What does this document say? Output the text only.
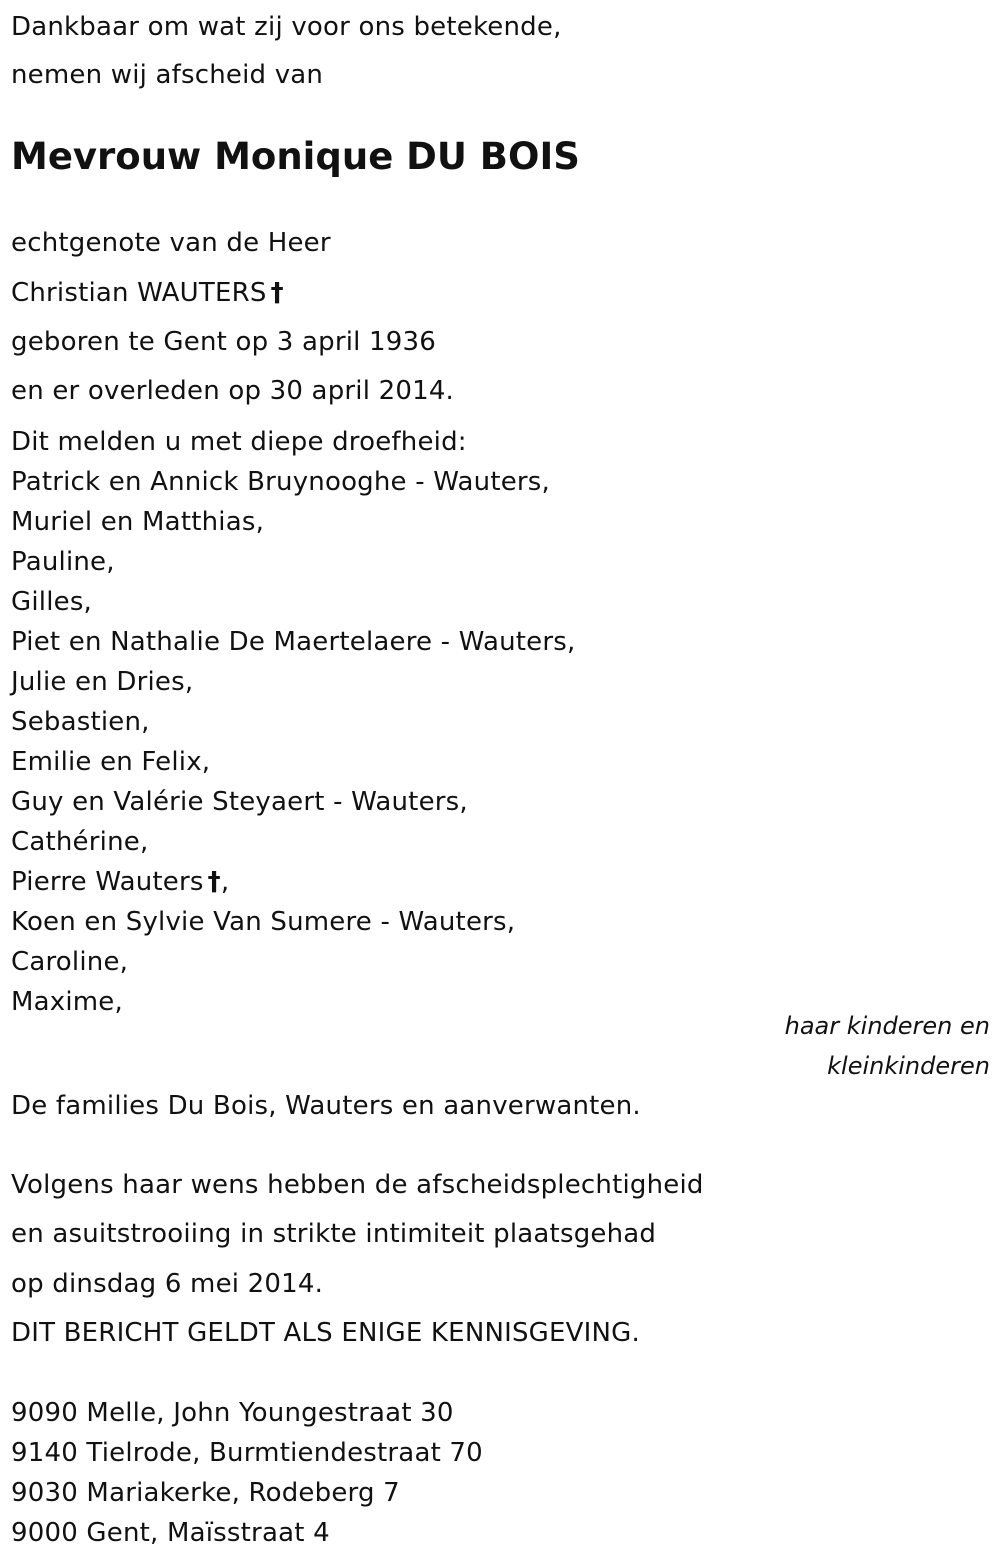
Dankbaar om wat zij voor ons betekende,
nemen wij afscheid van
Mevrouw Monique DU BOIS
echtgenote van de Heer
Christian WAUTERS †
geboren te Gent op 3 april 1936
en er overleden op 30 april 2014.
Dit melden u met diepe droefheid:
Patrick en Annick Bruynooghe - Wauters,
Muriel en Matthias,
Pauline,
Gilles,
Piet en Nathalie De Maertelaere - Wauters,
Julie en Dries,
Sebastien,
Emilie en Felix,
Guy en Valérie Steyaert - Wauters,
Cathérine,
Pierre Wauters †,
Koen en Sylvie Van Sumere - Wauters,
Caroline,
Maxime,
haar kinderen en
kleinkinderen
De families Du Bois, Wauters en aanverwanten.
Volgens haar wens hebben de afscheidsplechtigheid
en asuitstrooiing in strikte intimiteit plaatsgehad
op dinsdag 6 mei 2014.
DIT BERICHT GELDT ALS ENIGE KENNISGEVING.
9090 Melle, John Youngestraat 30
9140 Tielrode, Burmtiendestraat 70
9030 Mariakerke, Rodeberg 7
9000 Gent, Maïsstraat 4
